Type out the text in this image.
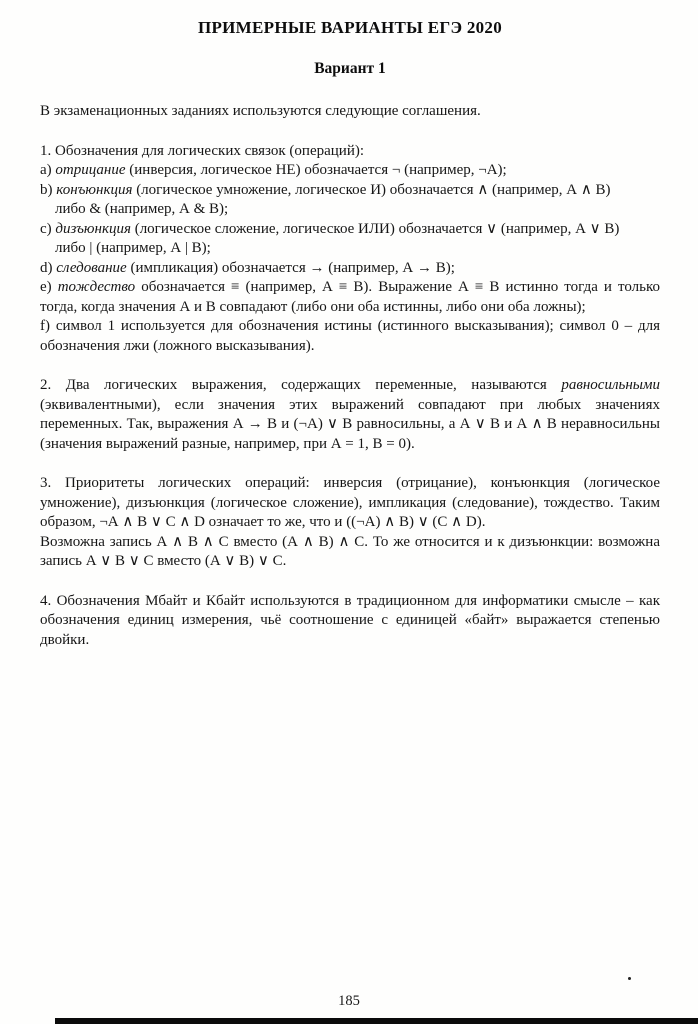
ПРИМЕРНЫЕ ВАРИАНТЫ ЕГЭ 2020
Вариант 1

В экзаменационных заданиях используются следующие соглашения.

1. Обозначения для логических связок (операций):

a) отрицание (инверсия, логическое НЕ) обозначается ¬ (например, ¬А);

b) конъюнкция (логическое умножение, логическое И) обозначается ∧ (например, А ∧ В)
либо & (например, А & В);

c) дизъюнкция (логическое сложение, логическое ИЛИ) обозначается ∨ (например, А ∨ В)
либо | (например, А | В);

d) следование (импликация) обозначается → (например, А → В);

e) тождество обозначается ≡ (например, А ≡ В). Выражение А ≡ В истинно тогда и только тогда, когда значения А и В совпадают (либо они оба истинны, либо они оба ложны);

f) символ 1 используется для обозначения истины (истинного высказывания); символ 0 – для обозначения лжи (ложного высказывания).

2. Два логических выражения, содержащих переменные, называются равносильными (эквивалентными), если значения этих выражений совпадают при любых значениях переменных. Так, выражения А → В и (¬А) ∨ В равносильны, а А ∨ В и А ∧ В неравносильны (значения выражений разные, например, при А = 1, В = 0).

3. Приоритеты логических операций: инверсия (отрицание), конъюнкция (логическое умножение), дизъюнкция (логическое сложение), импликация (следование), тождество. Таким образом, ¬А ∧ В ∨ С ∧ D означает то же, что и ((¬А) ∧ В) ∨ (С ∧ D).

Возможна запись А ∧ В ∧ С вместо (А ∧ В) ∧ С. То же относится и к дизъюнкции: возможна запись А ∨ В ∨ С вместо (А ∨ В) ∨ С.

4. Обозначения Мбайт и Кбайт используются в традиционном для информатики смысле – как обозначения единиц измерения, чьё соотношение с единицей «байт» выражается степенью двойки.

185
